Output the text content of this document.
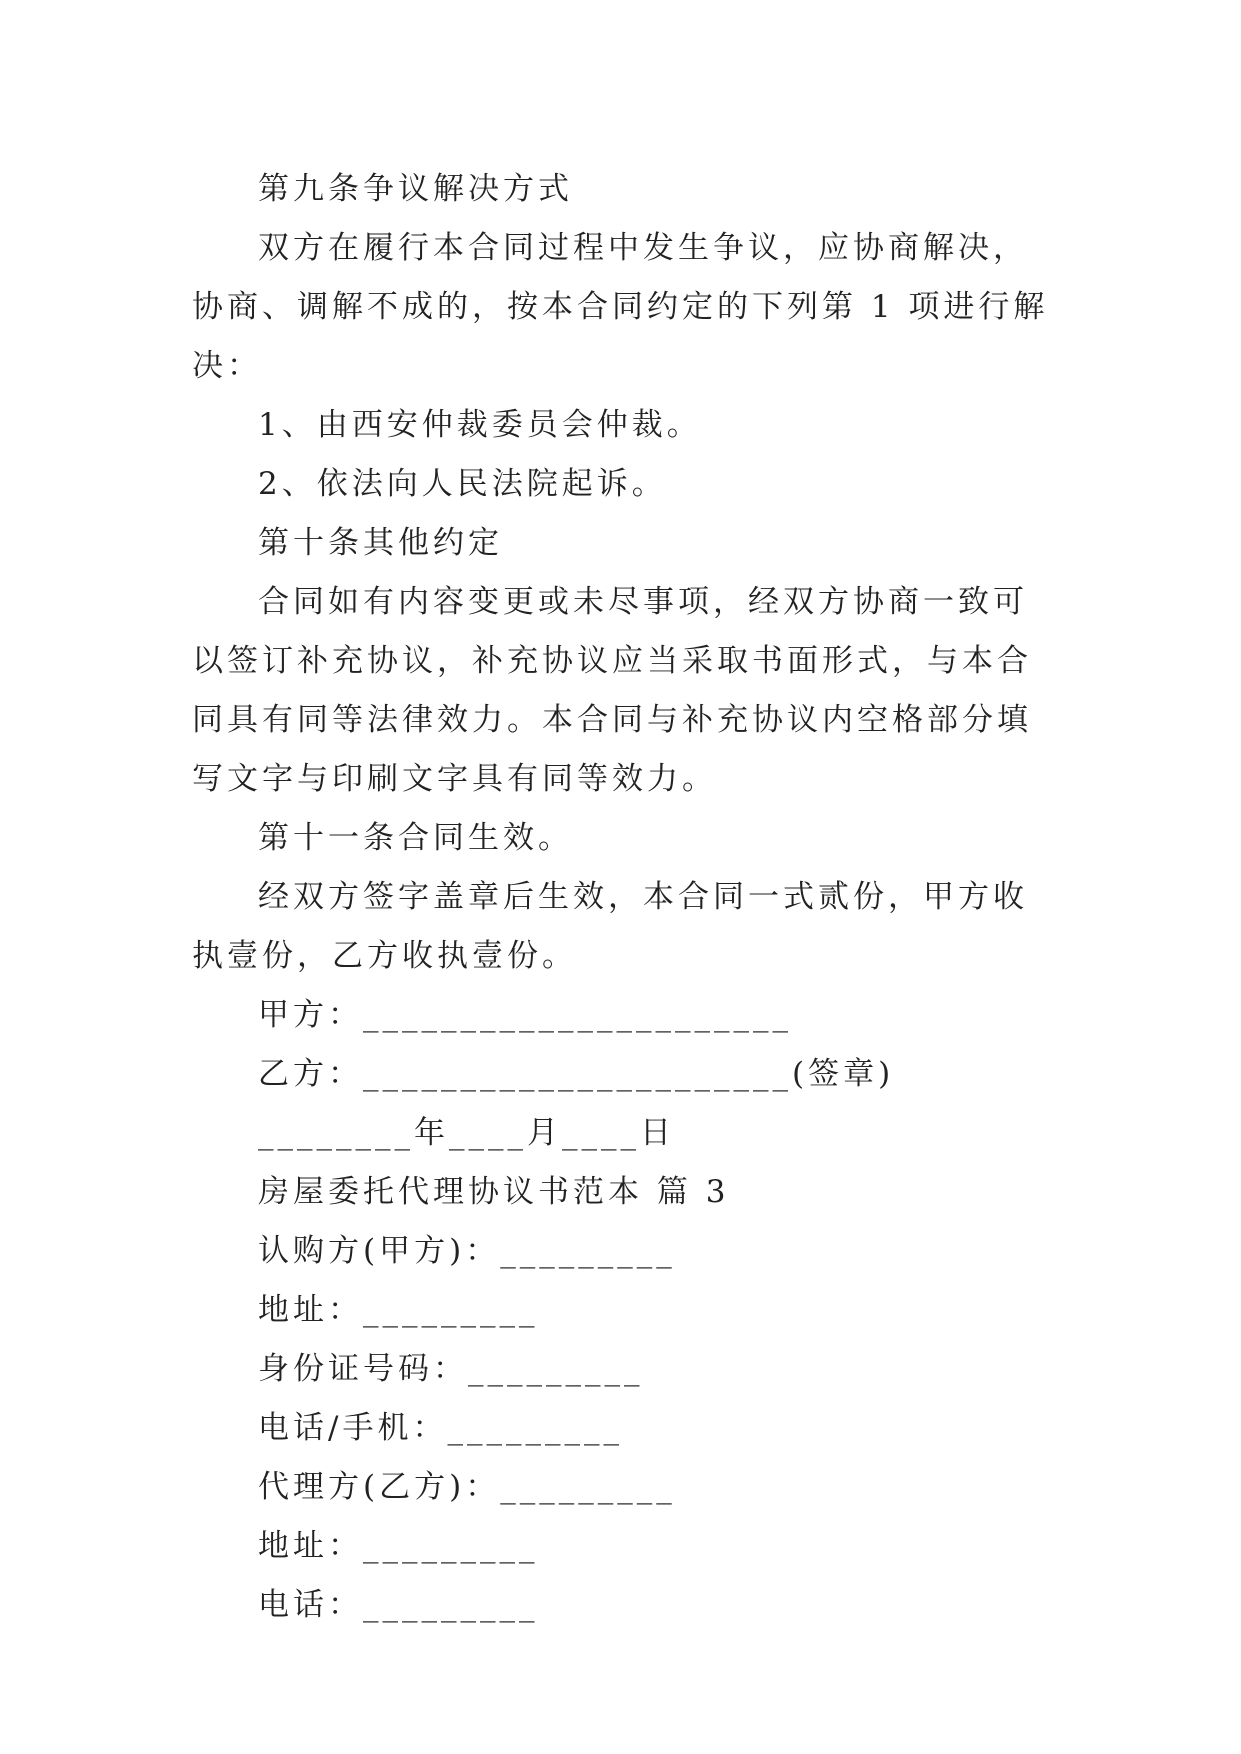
第九条争议解决方式

双方在履行本合同过程中发生争议，应协商解决，协商、调解不成的，按本合同约定的下列第 1 项进行解决：

1、由西安仲裁委员会仲裁。

2、依法向人民法院起诉。

第十条其他约定

合同如有内容变更或未尽事项，经双方协商一致可以签订补充协议，补充协议应当采取书面形式，与本合同具有同等法律效力。本合同与补充协议内空格部分填写文字与印刷文字具有同等效力。

第十一条合同生效。

经双方签字盖章后生效，本合同一式贰份，甲方收执壹份，乙方收执壹份。

甲方：______________________

乙方：______________________(签章)

________年____月____日

房屋委托代理协议书范本 篇 3

认购方(甲方)：_________

地址：_________

身份证号码：_________

电话/手机：_________

代理方(乙方)：_________

地址：_________

电话：_________
